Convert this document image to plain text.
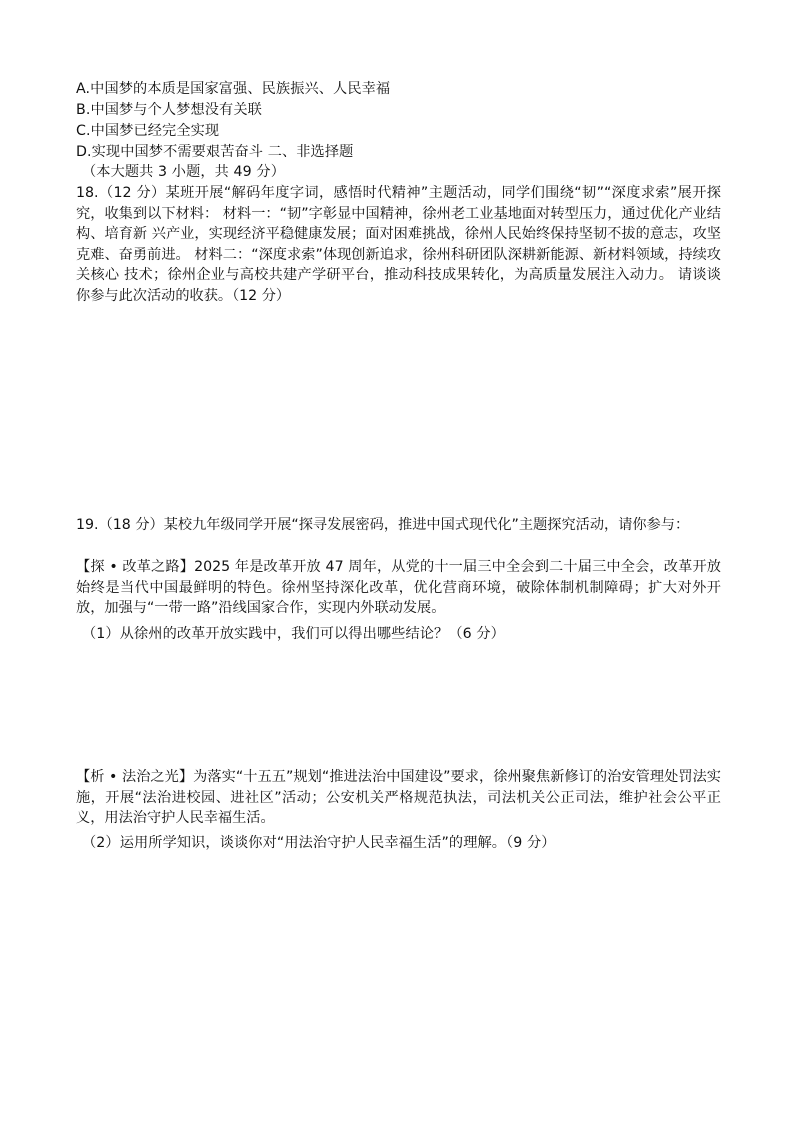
A.中国梦的本质是国家富强、民族振兴、人民幸福
B.中国梦与个人梦想没有关联
C.中国梦已经完全实现
D.实现中国梦不需要艰苦奋斗 二、非选择题
（本大题共 3 小题，共 49 分）
18.（12 分）某班开展“解码年度字词，感悟时代精神”主题活动，同学们围绕“韧”“深度求索”展开探究，收集到以下材料： 材料一：“韧”字彰显中国精神，徐州老工业基地面对转型压力，通过优化产业结构、培育新 兴产业，实现经济平稳健康发展；面对困难挑战，徐州人民始终保持坚韧不拔的意志，攻坚 克难、奋勇前进。 材料二：“深度求索”体现创新追求，徐州科研团队深耕新能源、新材料领域，持续攻关核心 技术；徐州企业与高校共建产学研平台，推动科技成果转化，为高质量发展注入动力。 请谈谈你参与此次活动的收获。（12 分）
19.（18 分）某校九年级同学开展“探寻发展密码，推进中国式现代化”主题探究活动，请你参与：
【探 • 改革之路】2025 年是改革开放 47 周年，从党的十一届三中全会到二十届三中全会，改革开放始终是当代中国最鲜明的特色。徐州坚持深化改革，优化营商环境，破除体制机制障碍；扩大对外开放，加强与“一带一路”沿线国家合作，实现内外联动发展。
（1）从徐州的改革开放实践中，我们可以得出哪些结论？（6 分）
【析 • 法治之光】为落实“十五五”规划“推进法治中国建设”要求，徐州聚焦新修订的治安管理处罚法实施，开展“法治进校园、进社区”活动；公安机关严格规范执法，司法机关公正司法，维护社会公平正义，用法治守护人民幸福生活。
（2）运用所学知识，谈谈你对“用法治守护人民幸福生活”的理解。（9 分）
